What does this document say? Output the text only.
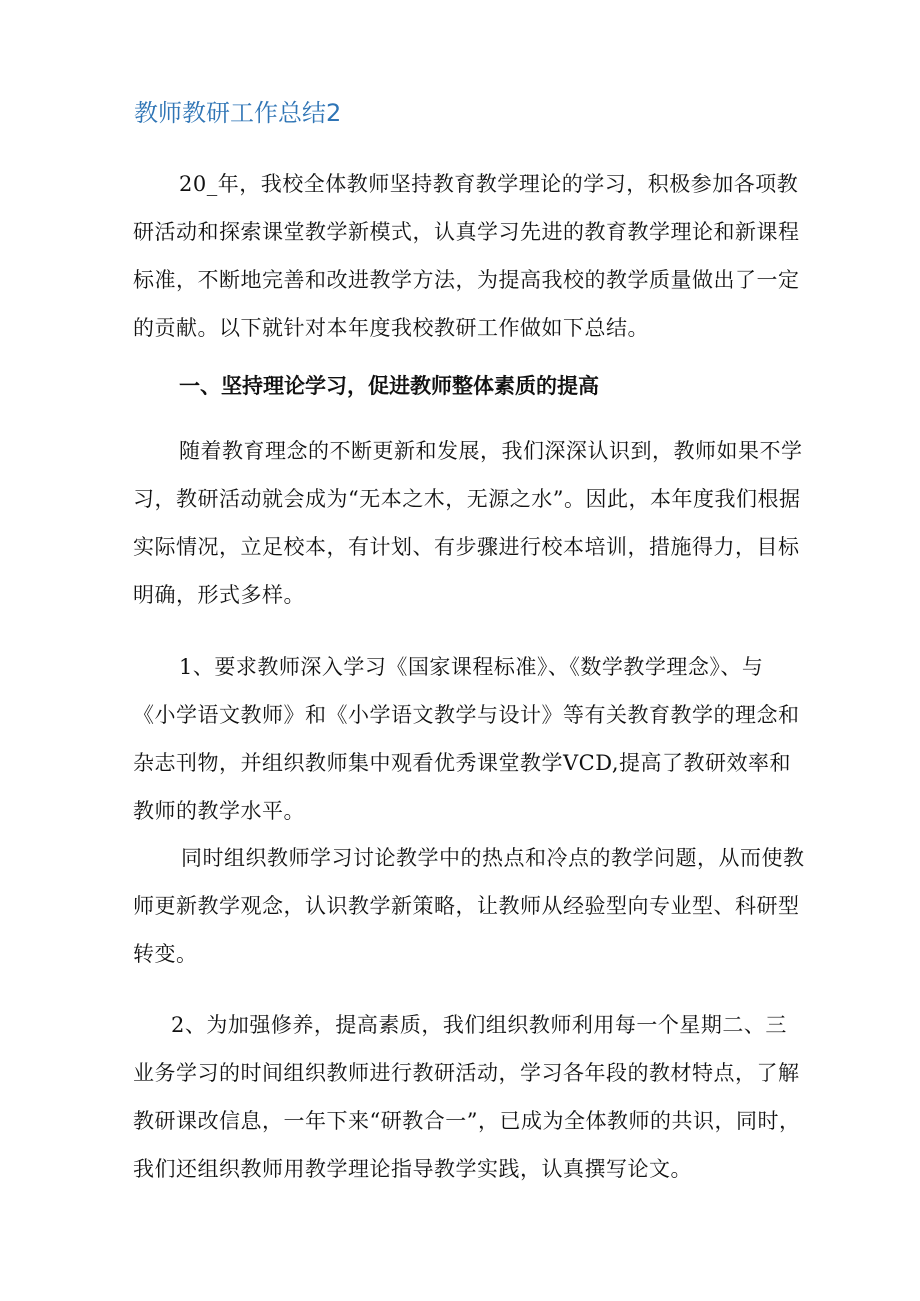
教师教研工作总结2

20_年，我校全体教师坚持教育教学理论的学习，积极参加各项教研活动和探索课堂教学新模式，认真学习先进的教育教学理论和新课程标准，不断地完善和改进教学方法，为提高我校的教学质量做出了一定的贡献。以下就针对本年度我校教研工作做如下总结。

一、坚持理论学习，促进教师整体素质的提高

随着教育理念的不断更新和发展，我们深深认识到，教师如果不学习，教研活动就会成为“无本之木，无源之水”。因此，本年度我们根据实际情况，立足校本，有计划、有步骤进行校本培训，措施得力，目标明确，形式多样。

1、要求教师深入学习《国家课程标准》、《数学教学理念》、与《小学语文教师》和《小学语文教学与设计》等有关教育教学的理念和杂志刊物，并组织教师集中观看优秀课堂教学VCD,提高了教研效率和教师的教学水平。

同时组织教师学习讨论教学中的热点和冷点的教学问题，从而使教师更新教学观念，认识教学新策略，让教师从经验型向专业型、科研型转变。

2、为加强修养，提高素质，我们组织教师利用每一个星期二、三业务学习的时间组织教师进行教研活动，学习各年段的教材特点，了解教研课改信息，一年下来“研教合一”，已成为全体教师的共识，同时，我们还组织教师用教学理论指导教学实践，认真撰写论文。
